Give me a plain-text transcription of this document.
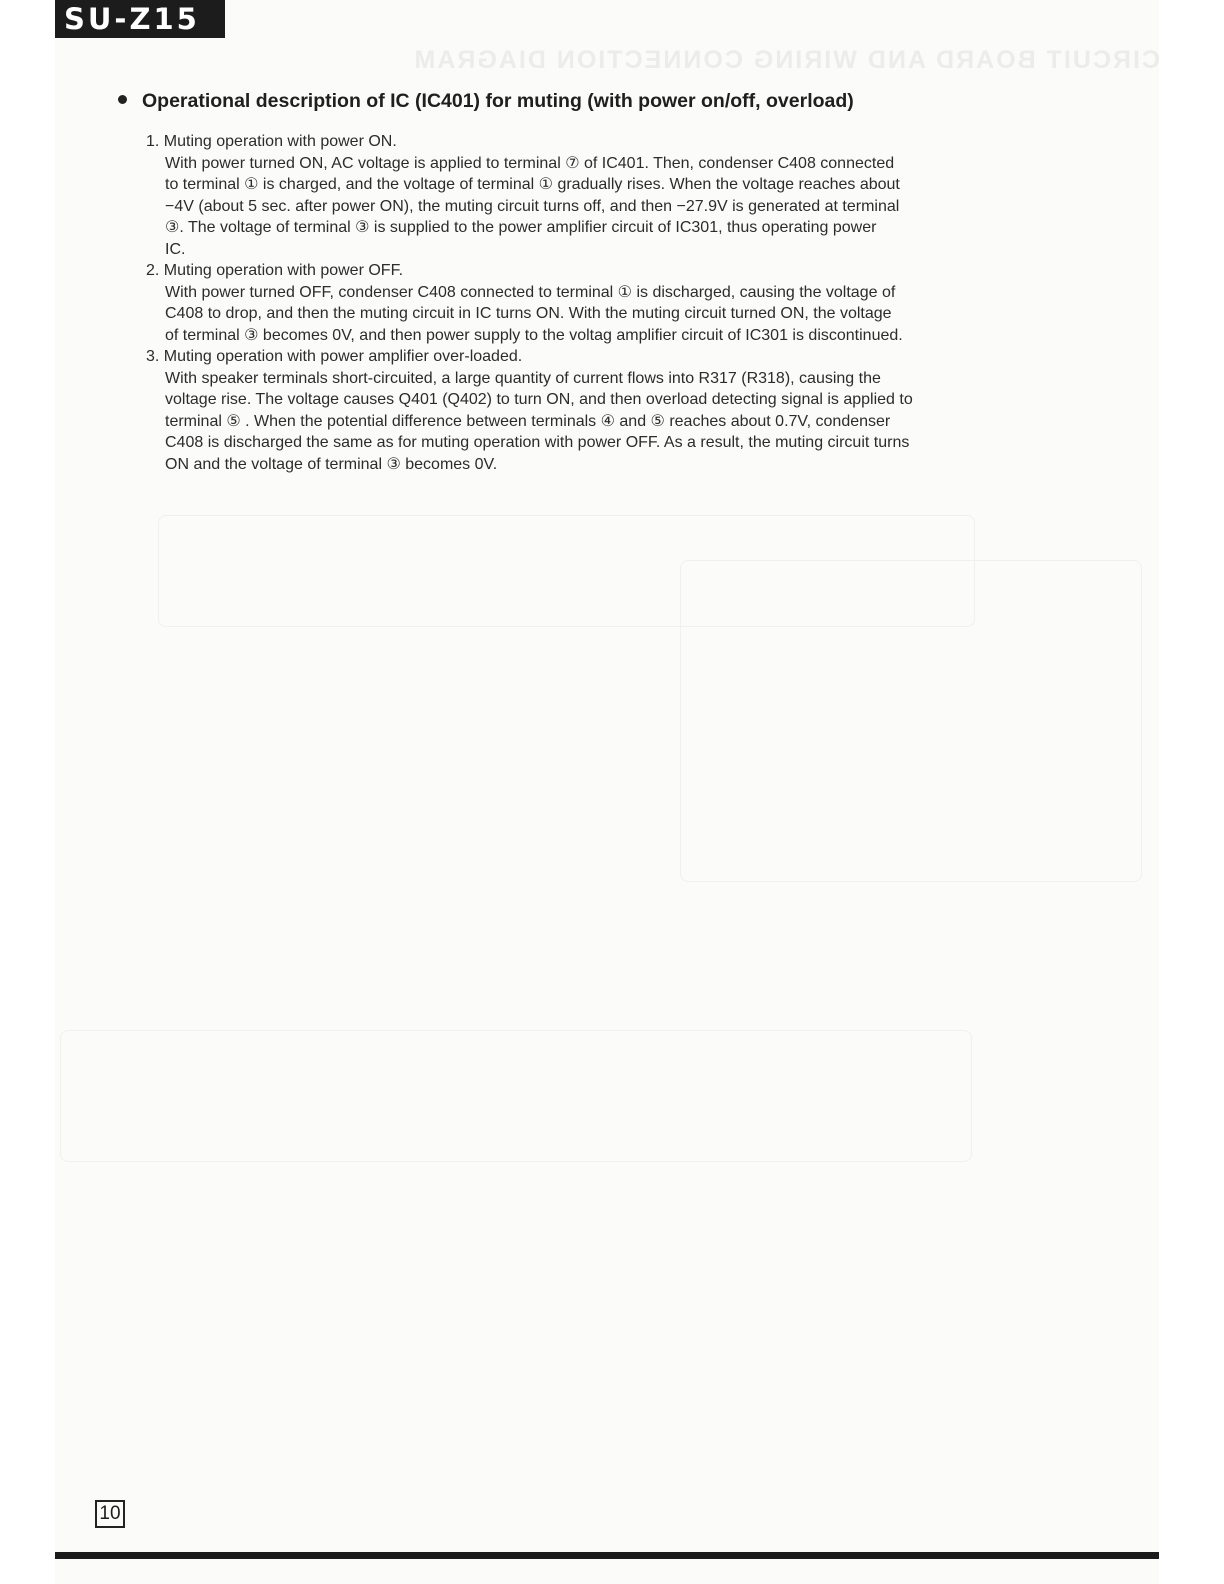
CIRCUIT BOARD AND WIRING CONNECTION DIAGRAM
SU-Z15
Operational description of IC (IC401) for muting (with power on/off, overload)
1. Muting operation with power ON.
With power turned ON, AC voltage is applied to terminal ⑦ of IC401. Then, condenser C408 connected
to terminal ① is charged, and the voltage of terminal ① gradually rises. When the voltage reaches about
−4V (about 5 sec. after power ON), the muting circuit turns off, and then −27.9V is generated at terminal
③. The voltage of terminal ③ is supplied to the power amplifier circuit of IC301, thus operating power
IC.
2. Muting operation with power OFF.
With power turned OFF, condenser C408 connected to terminal ① is discharged, causing the voltage of
C408 to drop, and then the muting circuit in IC turns ON. With the muting circuit turned ON, the voltage
of terminal ③ becomes 0V, and then power supply to the voltag amplifier circuit of IC301 is discontinued.
3. Muting operation with power amplifier over-loaded.
With speaker terminals short-circuited, a large quantity of current flows into R317 (R318), causing the
voltage rise. The voltage causes Q401 (Q402) to turn ON, and then overload detecting signal is applied to
terminal ⑤ . When the potential difference between terminals ④ and ⑤ reaches about 0.7V, condenser
C408 is discharged the same as for muting operation with power OFF. As a result, the muting circuit turns
ON and the voltage of terminal ③ becomes 0V.
10
